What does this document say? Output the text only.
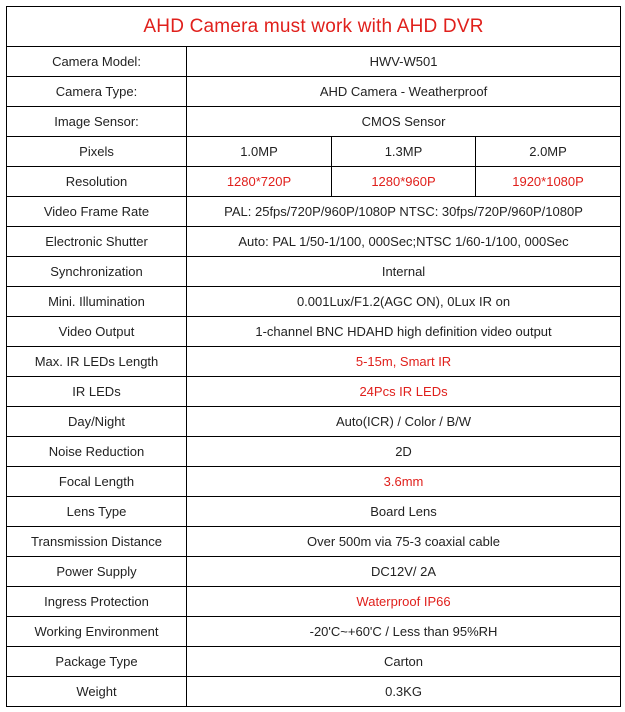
AHD Camera must work with AHD DVR			
Camera Model:	HWV-W501		
Camera Type:	AHD Camera - Weatherproof		
Image Sensor:	CMOS Sensor		
Pixels	1.0MP	1.3MP	2.0MP
Resolution	1280*720P	1280*960P	1920*1080P
Video Frame Rate	PAL: 25fps/720P/960P/1080P NTSC: 30fps/720P/960P/1080P		
Electronic Shutter	Auto: PAL 1/50-1/100, 000Sec;NTSC 1/60-1/100, 000Sec		
Synchronization	Internal		
Mini. Illumination	0.001Lux/F1.2(AGC ON), 0Lux IR on		
Video Output	1-channel BNC HDAHD high definition video output		
Max. IR LEDs Length	5-15m, Smart IR		
IR LEDs	24Pcs IR LEDs		
Day/Night	Auto(ICR) / Color / B/W		
Noise Reduction	2D		
Focal Length	3.6mm		
Lens Type	Board Lens		
Transmission Distance	Over 500m via 75-3 coaxial cable		
Power Supply	DC12V/ 2A		
Ingress Protection	Waterproof IP66		
Working Environment	-20'C~+60'C / Less than 95%RH		
Package Type	Carton		
Weight	0.3KG		
